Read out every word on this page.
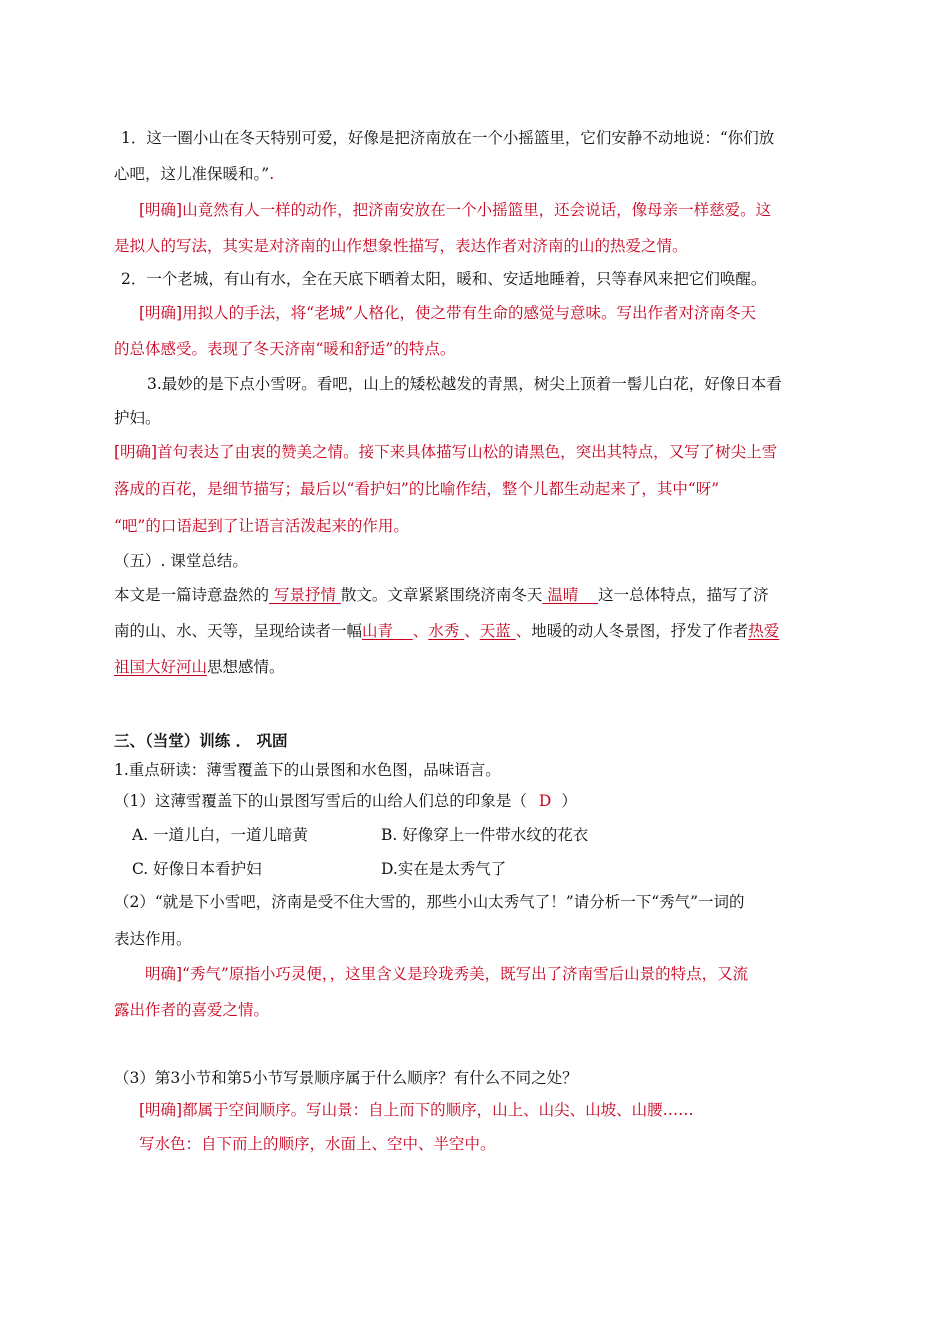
1．这一圈小山在冬天特别可爱，好像是把济南放在一个小摇篮里，它们安静不动地说：“你们放
心吧，这儿准保暖和。”.
[明确]山竟然有人一样的动作，把济南安放在一个小摇篮里，还会说话，像母亲一样慈爱。这
是拟人的写法，其实是对济南的山作想象性描写，表达作者对济南的山的热爱之情。
2．一个老城，有山有水，全在天底下晒着太阳，暖和、安适地睡着，只等春风来把它们唤醒。
[明确]用拟人的手法，将“老城”人格化，使之带有生命的感觉与意味。写出作者对济南冬天
的总体感受。表现了冬天济南“暖和舒适”的特点。
3.最妙的是下点小雪呀。看吧，山上的矮松越发的青黑，树尖上顶着一髻儿白花，好像日本看
护妇。
[明确]首句表达了由衷的赞美之情。接下来具体描写山松的请黑色，突出其特点，又写了树尖上雪
落成的百花，是细节描写；最后以“看护妇”的比喻作结，整个儿都生动起来了，其中“呀”
“吧”的口语起到了让语言活泼起来的作用。
（五）. 课堂总结。
本文是一篇诗意盎然的 写景抒情 散文。文章紧紧围绕济南冬天 温晴 这一总体特点，描写了济
南的山、水、天等，呈现给读者一幅山青 、水秀 、天蓝 、地暖的动人冬景图，抒发了作者热爱
祖国大好河山思想感情。
三、（当堂）训练 ． 巩固
1.重点研读：薄雪覆盖下的山景图和水色图，品味语言。
（1）这薄雪覆盖下的山景图写雪后的山给人们总的印象是（ D ）
A. 一道儿白，一道儿暗黄	B. 好像穿上一件带水纹的花衣
C. 好像日本看护妇	D.实在是太秀气了
（2）“就是下小雪吧，济南是受不住大雪的，那些小山太秀气了！”请分析一下“秀气”一词的
表达作用。
明确]“秀气”原指小巧灵便，，这里含义是玲珑秀美，既写出了济南雪后山景的特点，又流
露出作者的喜爱之情。
（3）第3小节和第5小节写景顺序属于什么顺序？有什么不同之处？
[明确]都属于空间顺序。写山景：自上而下的顺序，山上、山尖、山坡、山腰……
写水色：自下而上的顺序，水面上、空中、半空中。
